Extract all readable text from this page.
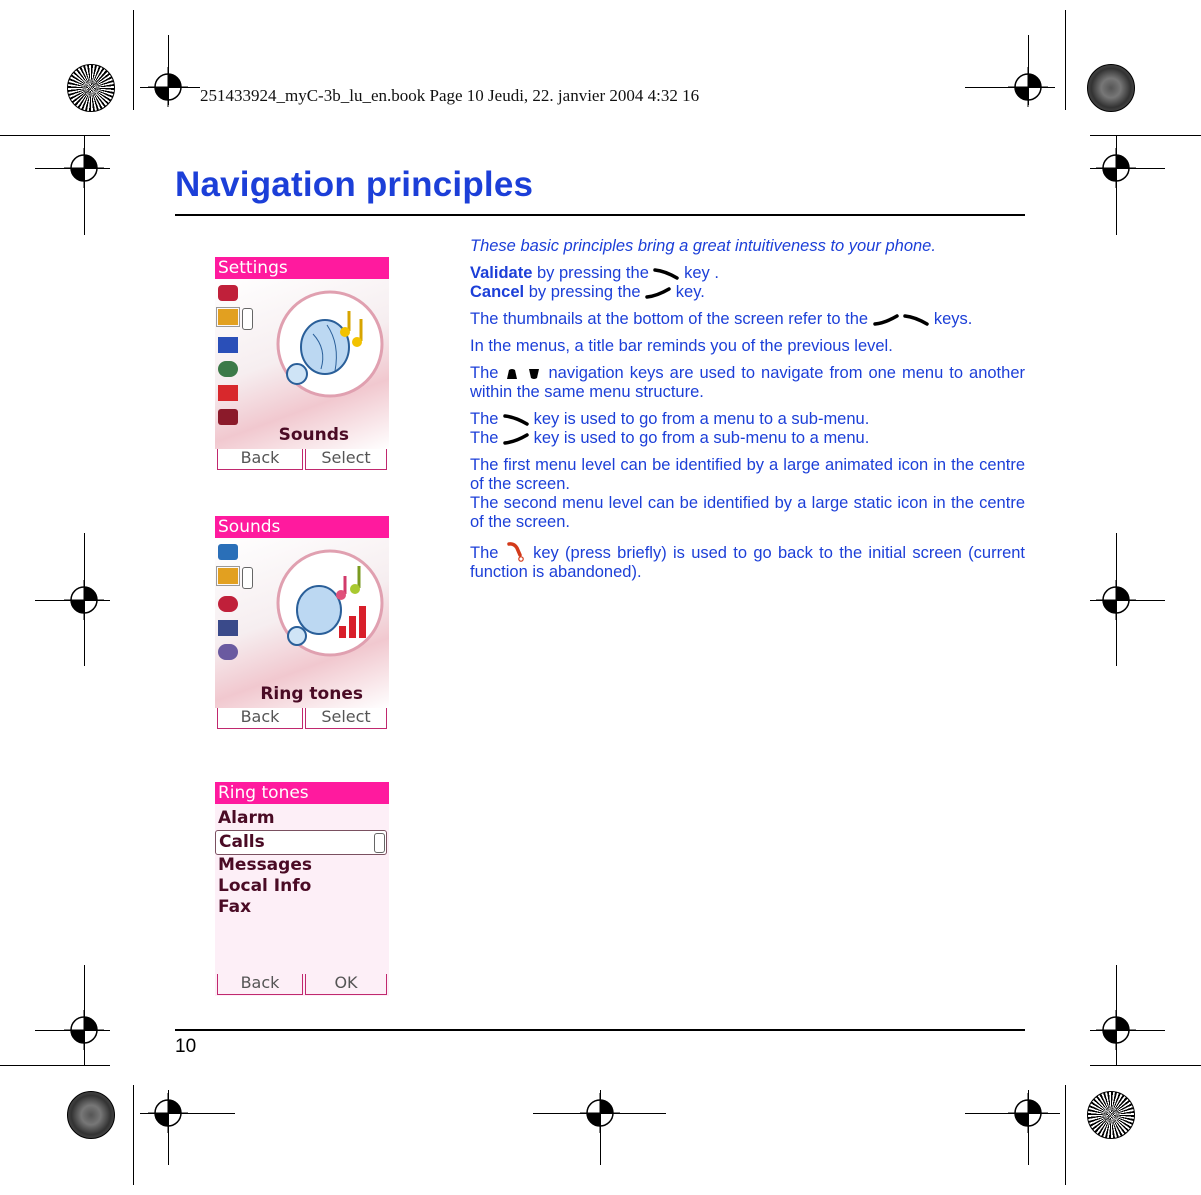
251433924_myC-3b_lu_en.book Page 10 Jeudi, 22. janvier 2004 4:32 16
Navigation principles
Settings
Sounds
Back	Select
Sounds
Ring tones
Back	Select
Ring tones
Alarm
Calls
Messages
Local Info
Fax
Back	OK

These basic principles bring a great intuitiveness to your phone.

Validate by pressing the key .

Cancel by pressing the key.

The thumbnails at the bottom of the screen refer to the	keys.

In the menus, a title bar reminds you of the previous level.

The	navigation keys are used to navigate from one menu to another within the same menu structure.

The key is used to go from a menu to a sub-menu.

The key is used to go from a sub-menu to a menu.

The first menu level can be identified by a large animated icon in the centre of the screen.

The second menu level can be identified by a large static icon in the centre of the screen.

The key (press briefly) is used to go back to the initial screen (current function is abandoned).

10
